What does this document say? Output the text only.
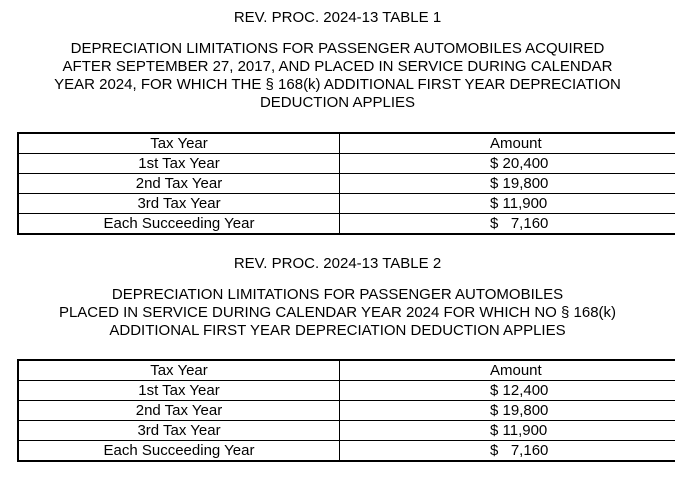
REV. PROC. 2024-13 TABLE 1
DEPRECIATION LIMITATIONS FOR PASSENGER AUTOMOBILES ACQUIRED
AFTER SEPTEMBER 27, 2017, AND PLACED IN SERVICE DURING CALENDAR
YEAR 2024, FOR WHICH THE § 168(k) ADDITIONAL FIRST YEAR DEPRECIATION
DEDUCTION APPLIES
Tax Year	Amount
1st Tax Year	$ 20,400
2nd Tax Year	$ 19,800
3rd Tax Year	$ 11,900
Each Succeeding Year	$   7,160
REV. PROC. 2024-13 TABLE 2
DEPRECIATION LIMITATIONS FOR PASSENGER AUTOMOBILES
PLACED IN SERVICE DURING CALENDAR YEAR 2024 FOR WHICH NO § 168(k)
ADDITIONAL FIRST YEAR DEPRECIATION DEDUCTION APPLIES
Tax Year	Amount
1st Tax Year	$ 12,400
2nd Tax Year	$ 19,800
3rd Tax Year	$ 11,900
Each Succeeding Year	$   7,160
